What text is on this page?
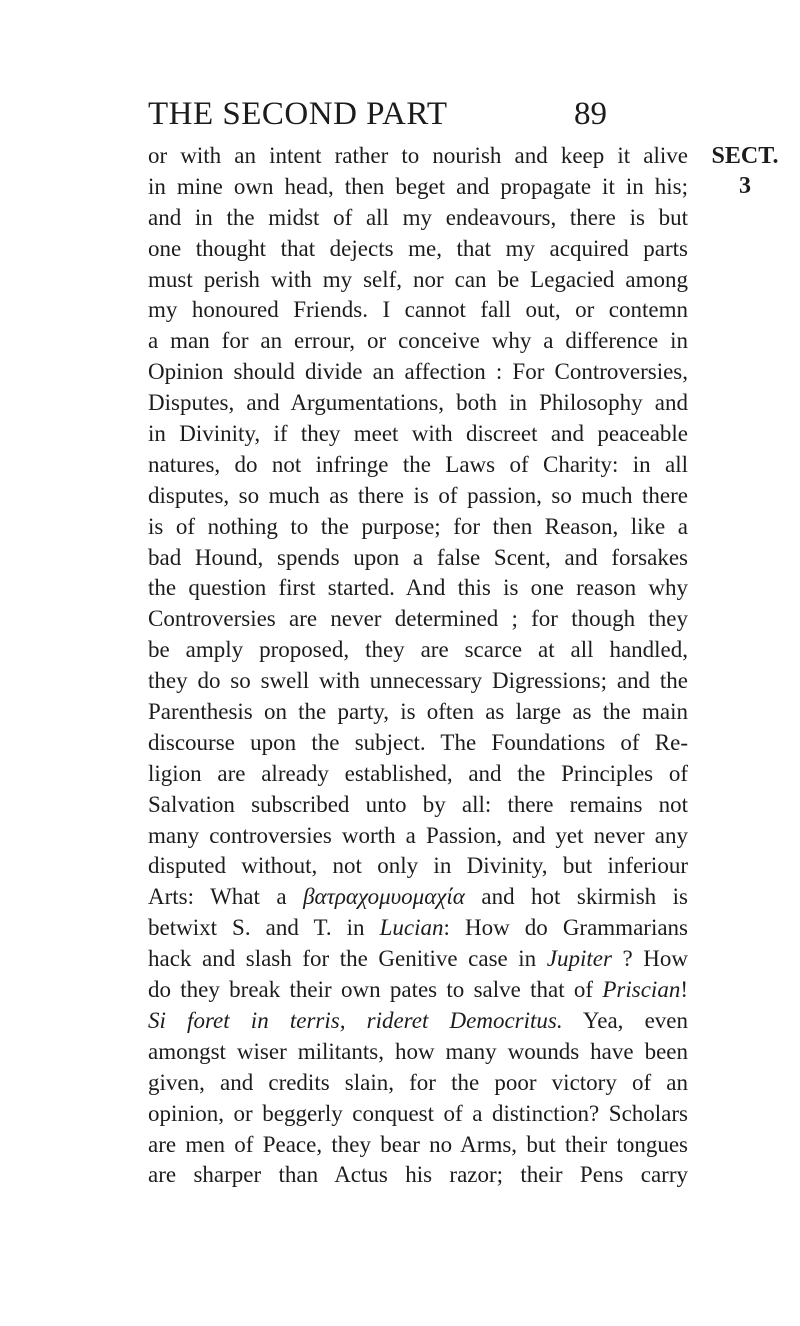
THE SECOND PART	89
SECT.
3
or with an intent rather to nourish and keep it alive
in mine own head, then beget and propagate it in his;
and in the midst of all my endeavours, there is but
one thought that dejects me, that my acquired parts
must perish with my self, nor can be Legacied among
my honoured Friends. I cannot fall out, or contemn
a man for an errour, or conceive why a difference in
Opinion should divide an affection : For Controversies,
Disputes, and Argumentations, both in Philosophy and
in Divinity, if they meet with discreet and peaceable
natures, do not infringe the Laws of Charity: in all
disputes, so much as there is of passion, so much there
is of nothing to the purpose; for then Reason, like a
bad Hound, spends upon a false Scent, and forsakes
the question first started. And this is one reason why
Controversies are never determined ; for though they
be amply proposed, they are scarce at all handled,
they do so swell with unnecessary Digressions; and the
Parenthesis on the party, is often as large as the main
discourse upon the subject. The Foundations of Re-
ligion are already established, and the Principles of
Salvation subscribed unto by all: there remains not
many controversies worth a Passion, and yet never any
disputed without, not only in Divinity, but inferiour
Arts: What a βατραχομυομαχία and hot skirmish is
betwixt S. and T. in Lucian: How do Grammarians
hack and slash for the Genitive case in Jupiter ? How
do they break their own pates to salve that of Priscian!
Si foret in terris, rideret Democritus. Yea, even
amongst wiser militants, how many wounds have been
given, and credits slain, for the poor victory of an
opinion, or beggerly conquest of a distinction? Scholars
are men of Peace, they bear no Arms, but their tongues
are sharper than Actus his razor; their Pens carry
